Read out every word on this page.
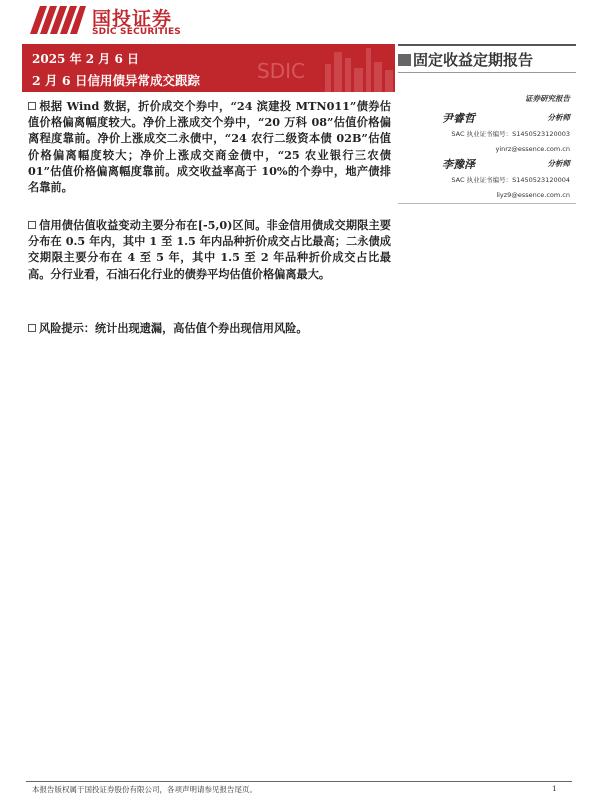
国投证券
SDIC SECURITIES
SDIC
2025 年 2 月 6 日
2 月 6 日信用债异常成交跟踪
固定收益定期报告
证券研究报告
尹睿哲	分析师
SAC 执业证书编号：S1450523120003
yinrz@essence.com.cn
李豫泽	分析师
SAC 执业证书编号：S1450523120004
liyz9@essence.com.cn
根据 Wind 数据，折价成交个券中，“24 滨建投 MTN011”债券估值价格偏离幅度较大。净价上涨成交个券中，“20 万科 08”估值价格偏离程度靠前。净价上涨成交二永债中，“24 农行二级资本债 02B”估值价格偏离幅度较大；净价上涨成交商金债中，“25 农业银行三农债 01”估值价格偏离幅度靠前。成交收益率高于 10%的个券中，地产债排名靠前。
信用债估值收益变动主要分布在[-5,0)区间。非金信用债成交期限主要分布在 0.5 年内，其中 1 至 1.5 年内品种折价成交占比最高；二永债成交期限主要分布在 4 至 5 年，其中 1.5 至 2 年品种折价成交占比最高。分行业看，石油石化行业的债券平均估值价格偏离最大。
风险提示：统计出现遗漏，高估值个券出现信用风险。
本报告版权属于国投证券股份有限公司，各项声明请参见报告尾页。	1
